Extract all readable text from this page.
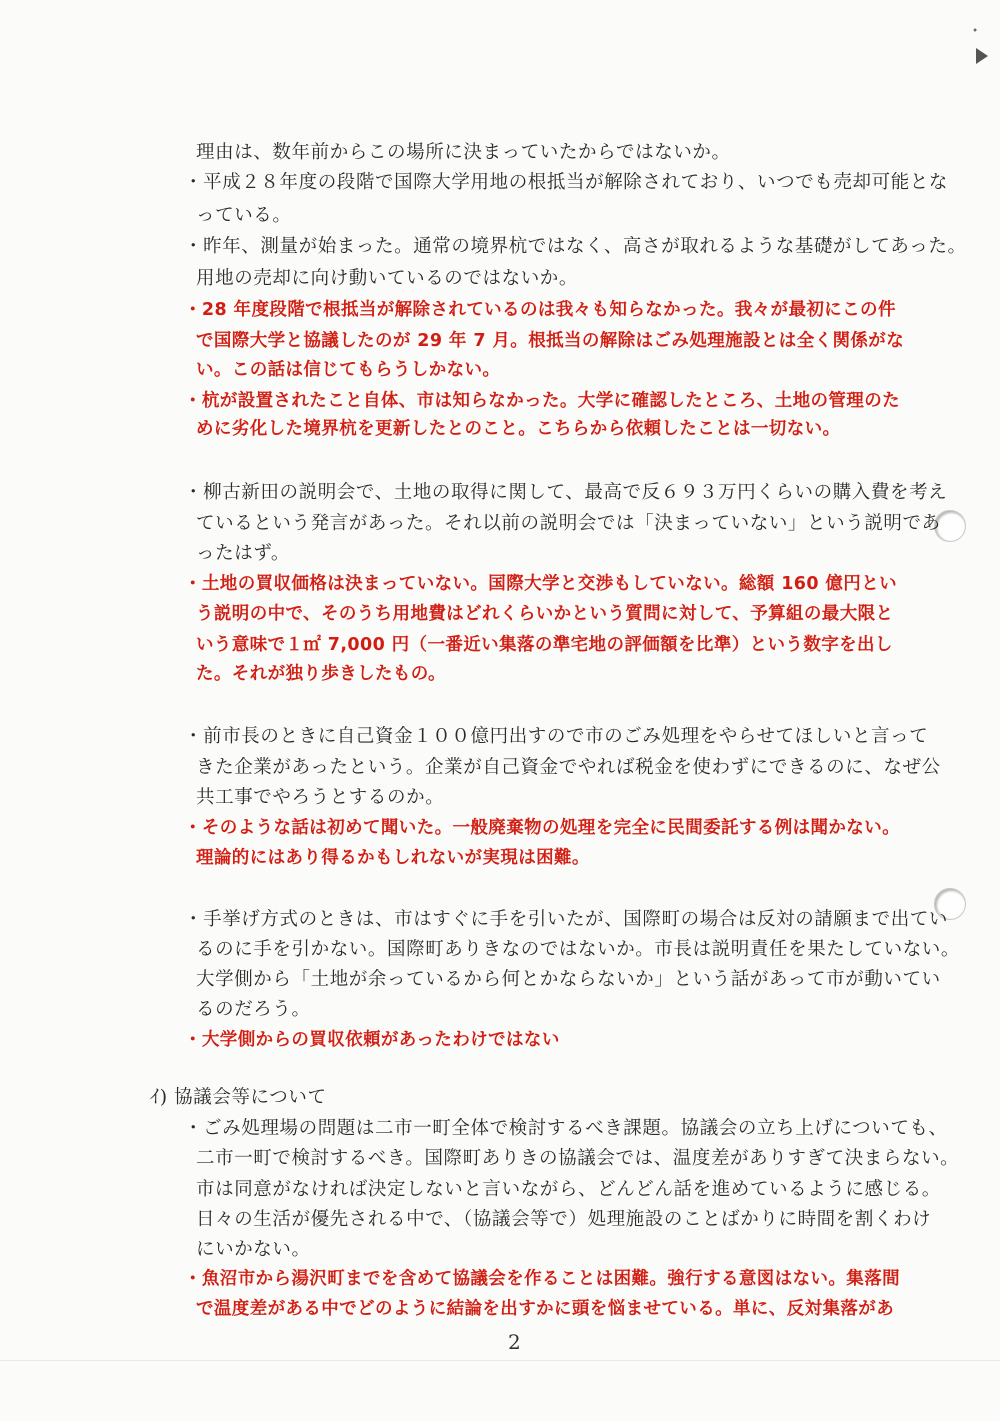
•
理由は、数年前からこの場所に決まっていたからではないか。
・平成２８年度の段階で国際大学用地の根抵当が解除されており、いつでも売却可能とな
っている。
・昨年、測量が始まった。通常の境界杭ではなく、高さが取れるような基礎がしてあった。
用地の売却に向け動いているのではないか。
・28 年度段階で根抵当が解除されているのは我々も知らなかった。我々が最初にこの件
で国際大学と協議したのが 29 年 7 月。根抵当の解除はごみ処理施設とは全く関係がな
い。この話は信じてもらうしかない。
・杭が設置されたこと自体、市は知らなかった。大学に確認したところ、土地の管理のた
めに劣化した境界杭を更新したとのこと。こちらから依頼したことは一切ない。
・柳古新田の説明会で、土地の取得に関して、最高で反６９３万円くらいの購入費を考え
ているという発言があった。それ以前の説明会では「決まっていない」という説明であ
ったはず。
・土地の買収価格は決まっていない。国際大学と交渉もしていない。総額 160 億円とい
う説明の中で、そのうち用地費はどれくらいかという質問に対して、予算組の最大限と
いう意味で１㎡ 7,000 円（一番近い集落の準宅地の評価額を比準）という数字を出し
た。それが独り歩きしたもの。
・前市長のときに自己資金１００億円出すので市のごみ処理をやらせてほしいと言って
きた企業があったという。企業が自己資金でやれば税金を使わずにできるのに、なぜ公
共工事でやろうとするのか。
・そのような話は初めて聞いた。一般廃棄物の処理を完全に民間委託する例は聞かない。
理論的にはあり得るかもしれないが実現は困難。
・手挙げ方式のときは、市はすぐに手を引いたが、国際町の場合は反対の請願まで出てい
るのに手を引かない。国際町ありきなのではないか。市長は説明責任を果たしていない。
大学側から「土地が余っているから何とかならないか」という話があって市が動いてい
るのだろう。
・大学側からの買収依頼があったわけではない
ｲ) 協議会等について
・ごみ処理場の問題は二市一町全体で検討するべき課題。協議会の立ち上げについても、
二市一町で検討するべき。国際町ありきの協議会では、温度差がありすぎて決まらない。
市は同意がなければ決定しないと言いながら、どんどん話を進めているように感じる。
日々の生活が優先される中で、（協議会等で）処理施設のことばかりに時間を割くわけ
にいかない。
・魚沼市から湯沢町までを含めて協議会を作ることは困難。強行する意図はない。集落間
で温度差がある中でどのように結論を出すかに頭を悩ませている。単に、反対集落があ
2
